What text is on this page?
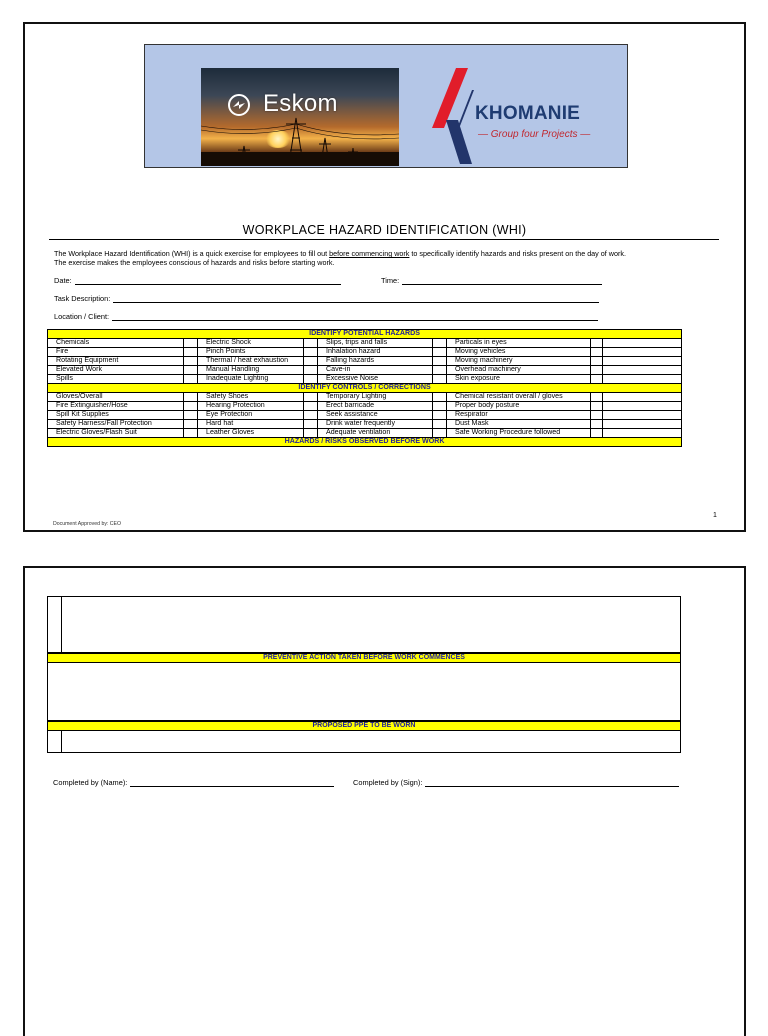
Eskom	KHOMANIE
— Group four Projects —
WORKPLACE HAZARD IDENTIFICATION (WHI)
The Workplace Hazard Identification (WHI) is a quick exercise for employees to fill out before commencing work to specifically identify hazards and risks present on the day of work.
The exercise makes the employees conscious of hazards and risks before starting work.
Date:	Time:
Task Description:
Location / Client:
IDENTIFY POTENTIAL HAZARDS								
Chemicals		Electric Shock		Slips, trips and falls		Particals in eyes		
Fire		Pinch Points		Inhalation hazard		Moving vehicles		
Rotating Equipment		Thermal / heat exhaustion		Falling hazards		Moving machinery		
Elevated Work		Manual Handling		Cave-in		Overhead machinery		
Spills		Inadequate Lighting		Excessive Noise		Skin exposure		
IDENTIFY CONTROLS / CORRECTIONS								
Gloves/Overall		Safety Shoes		Temporary Lighting		Chemical resistant overall / gloves		
Fire Extinguisher/Hose		Hearing Protection		Erect barricade		Proper body posture		
Spill Kit Supplies		Eye Protection		Seek assistance		Respirator		
Safety Harness/Fall Protection		Hard hat		Drink water frequently		Dust Mask		
Electric Gloves/Flash Suit		Leather Gloves		Adequate ventilation		Safe Working Procedure followed		
HAZARDS / RISKS OBSERVED BEFORE WORK								
1
Document Approved by: CEO
PREVENTIVE ACTION TAKEN BEFORE WORK COMMENCES
PROPOSED PPE TO BE WORN
Completed by (Name):	Completed by (Sign):
